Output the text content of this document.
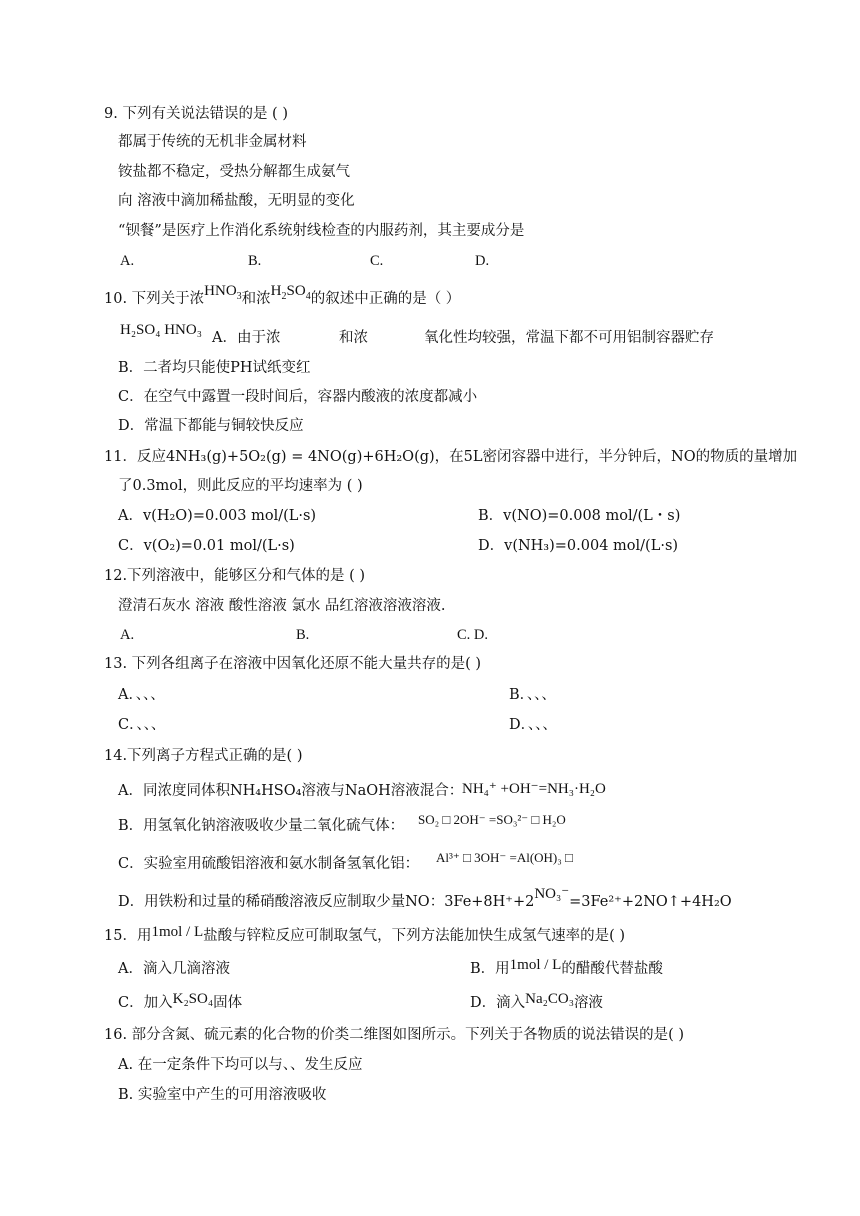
9. 下列有关说法错误的是 ( )
都属于传统的无机非金属材料
铵盐都不稳定，受热分解都生成氨气
向 溶液中滴加稀盐酸，无明显的变化
“钡餐”是医疗上作消化系统射线检查的内服药剂，其主要成分是
A.	B.	C.	D.
10. 下列关于浓$HNO_3$和浓$H_2SO_4$的叙述中正确的是（ ）
H₂SO₄ HNO₃ A．由于浓	和浓	氧化性均较强，常温下都不可用铝制容器贮存
B．二者均只能使PH试纸变红
C．在空气中露置一段时间后，容器内酸液的浓度都减小
D．常温下都能与铜较快反应
11．反应4NH₃(g)+5O₂(g) = 4NO(g)+6H₂O(g)，在5L密闭容器中进行，半分钟后，NO的物质的量增加
了0.3mol，则此反应的平均速率为 ( )
A．v(H₂O)=0.003 mol/(L·s)	B．v(NO)=0.008 mol/(L・s)
C．v(O₂)=0.01 mol/(L·s)	D．v(NH₃)=0.004 mol/(L·s)
12.下列溶液中，能够区分和气体的是 ( )
澄清石灰水 溶液 酸性溶液 氯水 品红溶液溶液溶液.
A.	B.	C. D.
13. 下列各组离子在溶液中因氧化还原不能大量共存的是( )
A．、、、	B．、、、
C．、、、	D．、、、
14.下列离子方程式正确的是( )
A．同浓度同体积NH₄HSO₄溶液与NaOH溶液混合：
NH₄⁺ +OH⁻=NH₃·H₂O
B．用氢氧化钠溶液吸收少量二氧化硫气体： SO₂ □ 2OH⁻ =SO₃²⁻ □ H₂O
C．实验室用硫酸铝溶液和氨水制备氢氧化铝： Al³⁺ □ 3OH⁻ =Al(OH)₃ □
D．用铁粉和过量的稀硝酸溶液反应制取少量NO：3Fe+8H⁺+2NO₃⁻=3Fe²⁺+2NO↑+4H₂O
15．用1mol / L盐酸与锌粒反应可制取氢气，下列方法能加快生成氢气速率的是( )
A．滴入几滴溶液	B．用1mol / L的醋酸代替盐酸
C．加入K₂SO₄固体	D．滴入Na₂CO₃溶液
16. 部分含氮、硫元素的化合物的价类二维图如图所示。下列关于各物质的说法错误的是( )
A. 在一定条件下均可以与、、发生反应
B. 实验室中产生的可用溶液吸收
